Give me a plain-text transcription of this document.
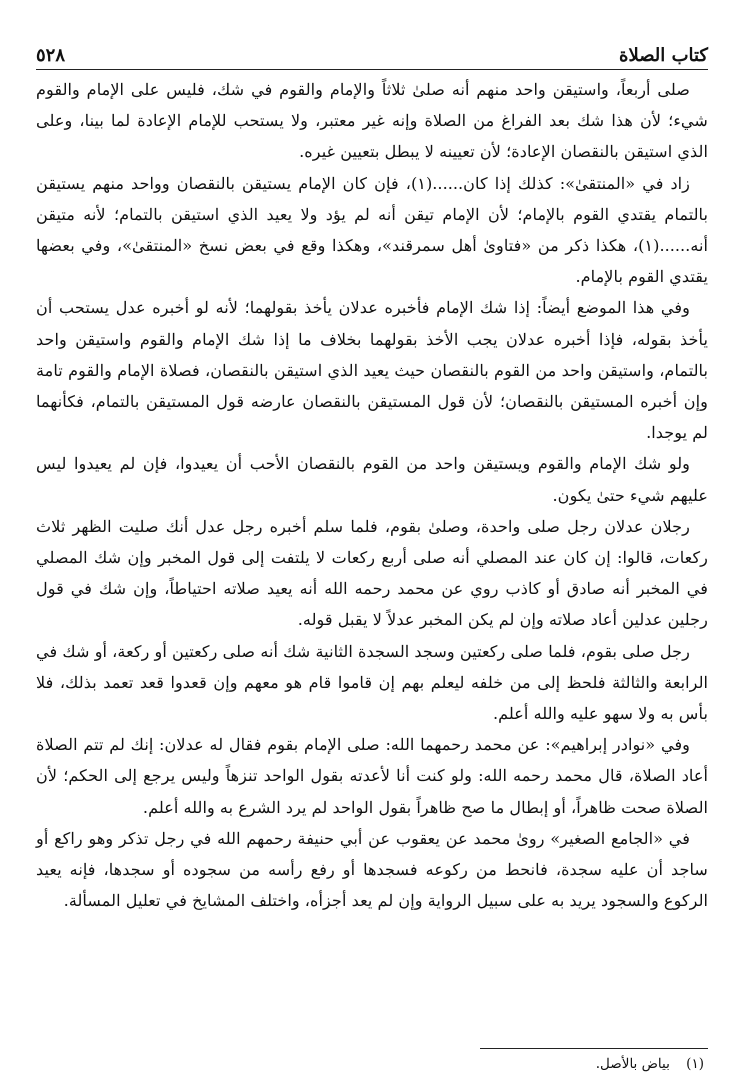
كتاب الصلاة
٥٢٨

صلى أربعاً، واستيقن واحد منهم أنه صلىٰ ثلاثاً والإمام والقوم في شك، فليس على الإمام والقوم شيء؛ لأن هذا شك بعد الفراغ من الصلاة وإنه غير معتبر، ولا يستحب للإمام الإعادة لما بينا، وعلى الذي استيقن بالنقصان الإعادة؛ لأن تعيينه لا يبطل بتعيين غيره.

زاد في «المنتقىٰ»: كذلك إذا كان......(١)، فإن كان الإمام يستيقن بالنقصان وواحد منهم يستيقن بالتمام يقتدي القوم بالإمام؛ لأن الإمام تيقن أنه لم يؤد ولا يعيد الذي استيقن بالتمام؛ لأنه متيقن أنه......(١)، هكذا ذكر من «فتاوىٰ أهل سمرقند»، وهكذا وقع في بعض نسخ «المنتقىٰ»، وفي بعضها يقتدي القوم بالإمام.

وفي هذا الموضع أيضاً: إذا شك الإمام فأخبره عدلان يأخذ بقولهما؛ لأنه لو أخبره عدل يستحب أن يأخذ بقوله، فإذا أخبره عدلان يجب الأخذ بقولهما بخلاف ما إذا شك الإمام والقوم واستيقن واحد بالتمام، واستيقن واحد من القوم بالنقصان حيث يعيد الذي استيقن بالنقصان، فصلاة الإمام والقوم تامة وإن أخبره المستيقن بالنقصان؛ لأن قول المستيقن بالنقصان عارضه قول المستيقن بالتمام، فكأنهما لم يوجدا.

ولو شك الإمام والقوم ويستيقن واحد من القوم بالنقصان الأحب أن يعيدوا، فإن لم يعيدوا ليس عليهم شيء حتىٰ يكون.

رجلان عدلان رجل صلى واحدة، وصلىٰ بقوم، فلما سلم أخبره رجل عدل أنك صليت الظهر ثلاث ركعات، قالوا: إن كان عند المصلي أنه صلى أربع ركعات لا يلتفت إلى قول المخبر وإن شك المصلي في المخبر أنه صادق أو كاذب روي عن محمد رحمه الله أنه يعيد صلاته احتياطاً، وإن شك في قول رجلين عدلين أعاد صلاته وإن لم يكن المخبر عدلاً لا يقبل قوله.

رجل صلى بقوم، فلما صلى ركعتين وسجد السجدة الثانية شك أنه صلى ركعتين أو ركعة، أو شك في الرابعة والثالثة فلحظ إلى من خلفه ليعلم بهم إن قاموا قام هو معهم وإن قعدوا قعد تعمد بذلك، فلا بأس به ولا سهو عليه والله أعلم.

وفي «نوادر إبراهيم»: عن محمد رحمهما الله: صلى الإمام بقوم فقال له عدلان: إنك لم تتم الصلاة أعاد الصلاة، قال محمد رحمه الله: ولو كنت أنا لأعدته بقول الواحد تنزهاً وليس يرجع إلى الحكم؛ لأن الصلاة صحت ظاهراً، أو إبطال ما صح ظاهراً بقول الواحد لم يرد الشرع به والله أعلم.

في «الجامع الصغير» روىٰ محمد عن يعقوب عن أبي حنيفة رحمهم الله في رجل تذكر وهو راكع أو ساجد أن عليه سجدة، فانحط من ركوعه فسجدها أو رفع رأسه من سجوده أو سجدها، فإنه يعيد الركوع والسجود يريد به على سبيل الرواية وإن لم يعد أجزأه، واختلف المشايخ في تعليل المسألة.

(١) بياض بالأصل.
